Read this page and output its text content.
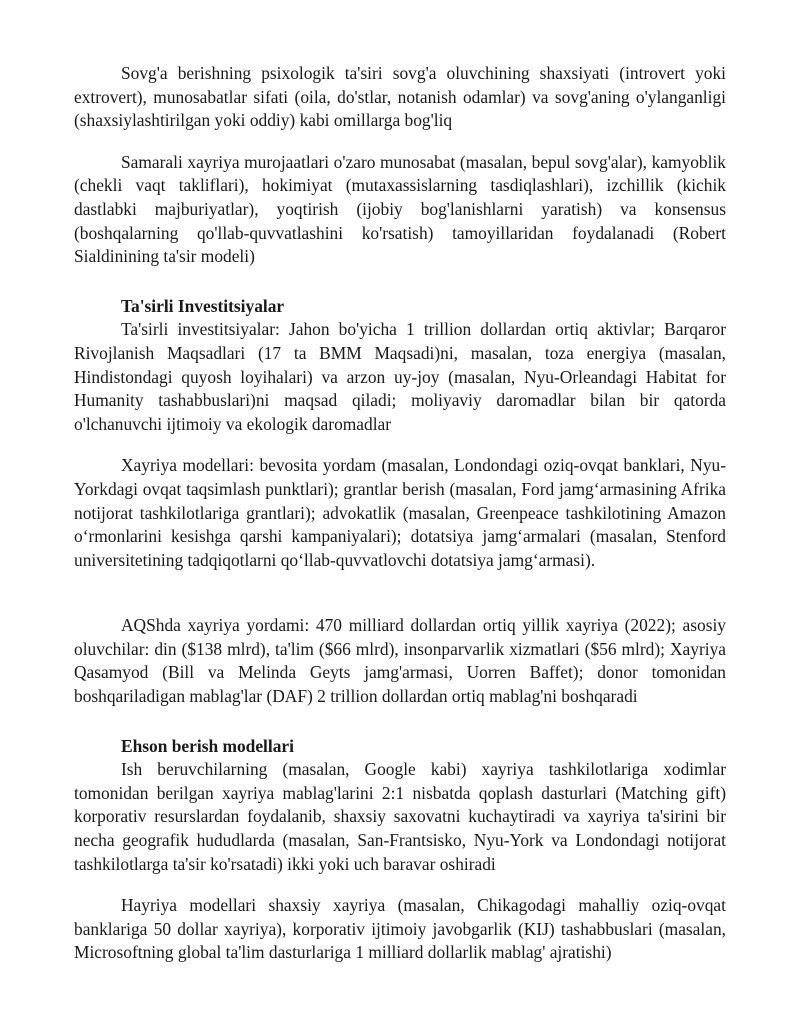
Sovg'a berishning psixologik ta'siri sovg'a oluvchining shaxsiyati (introvert yoki extrovert), munosabatlar sifati (oila, do'stlar, notanish odamlar) va sovg'aning o'ylanganligi (shaxsiylashtirilgan yoki oddiy) kabi omillarga bog'liq

Samarali xayriya murojaatlari o'zaro munosabat (masalan, bepul sovg'alar), kamyoblik (chekli vaqt takliflari), hokimiyat (mutaxassislarning tasdiqlashlari), izchillik (kichik dastlabki majburiyatlar), yoqtirish (ijobiy bog'lanishlarni yaratish) va konsensus (boshqalarning qo'llab-quvvatlashini ko'rsatish) tamoyillaridan foydalanadi (Robert Sialdinining ta'sir modeli)

Ta'sirli Investitsiyalar

Ta'sirli investitsiyalar: Jahon bo'yicha 1 trillion dollardan ortiq aktivlar; Barqaror Rivojlanish Maqsadlari (17 ta BMM Maqsadi)ni, masalan, toza energiya (masalan, Hindistondagi quyosh loyihalari) va arzon uy-joy (masalan, Nyu-Orleandagi Habitat for Humanity tashabbuslari)ni maqsad qiladi; moliyaviy daromadlar bilan bir qatorda o'lchanuvchi ijtimoiy va ekologik daromadlar

Xayriya modellari: bevosita yordam (masalan, Londondagi oziq-ovqat banklari, Nyu-Yorkdagi ovqat taqsimlash punktlari); grantlar berish (masalan, Ford jamg‘armasining Afrika notijorat tashkilotlariga grantlari); advokatlik (masalan, Greenpeace tashkilotining Amazon o‘rmonlarini kesishga qarshi kampaniyalari); dotatsiya jamg‘armalari (masalan, Stenford universitetining tadqiqotlarni qo‘llab-quvvatlovchi dotatsiya jamg‘armasi).

AQShda xayriya yordami: 470 milliard dollardan ortiq yillik xayriya (2022); asosiy oluvchilar: din ($138 mlrd), ta'lim ($66 mlrd), insonparvarlik xizmatlari ($56 mlrd); Xayriya Qasamyod (Bill va Melinda Geyts jamg'armasi, Uorren Baffet); donor tomonidan boshqariladigan mablag'lar (DAF) 2 trillion dollardan ortiq mablag'ni boshqaradi

Ehson berish modellari

Ish beruvchilarning (masalan, Google kabi) xayriya tashkilotlariga xodimlar tomonidan berilgan xayriya mablag'larini 2:1 nisbatda qoplash dasturlari (Matching gift) korporativ resurslardan foydalanib, shaxsiy saxovatni kuchaytiradi va xayriya ta'sirini bir necha geografik hududlarda (masalan, San-Frantsisko, Nyu-York va Londondagi notijorat tashkilotlarga ta'sir ko'rsatadi) ikki yoki uch baravar oshiradi

Hayriya modellari shaxsiy xayriya (masalan, Chikagodagi mahalliy oziq-ovqat banklariga 50 dollar xayriya), korporativ ijtimoiy javobgarlik (KIJ) tashabbuslari (masalan, Microsoftning global ta'lim dasturlariga 1 milliard dollarlik mablag' ajratishi)
